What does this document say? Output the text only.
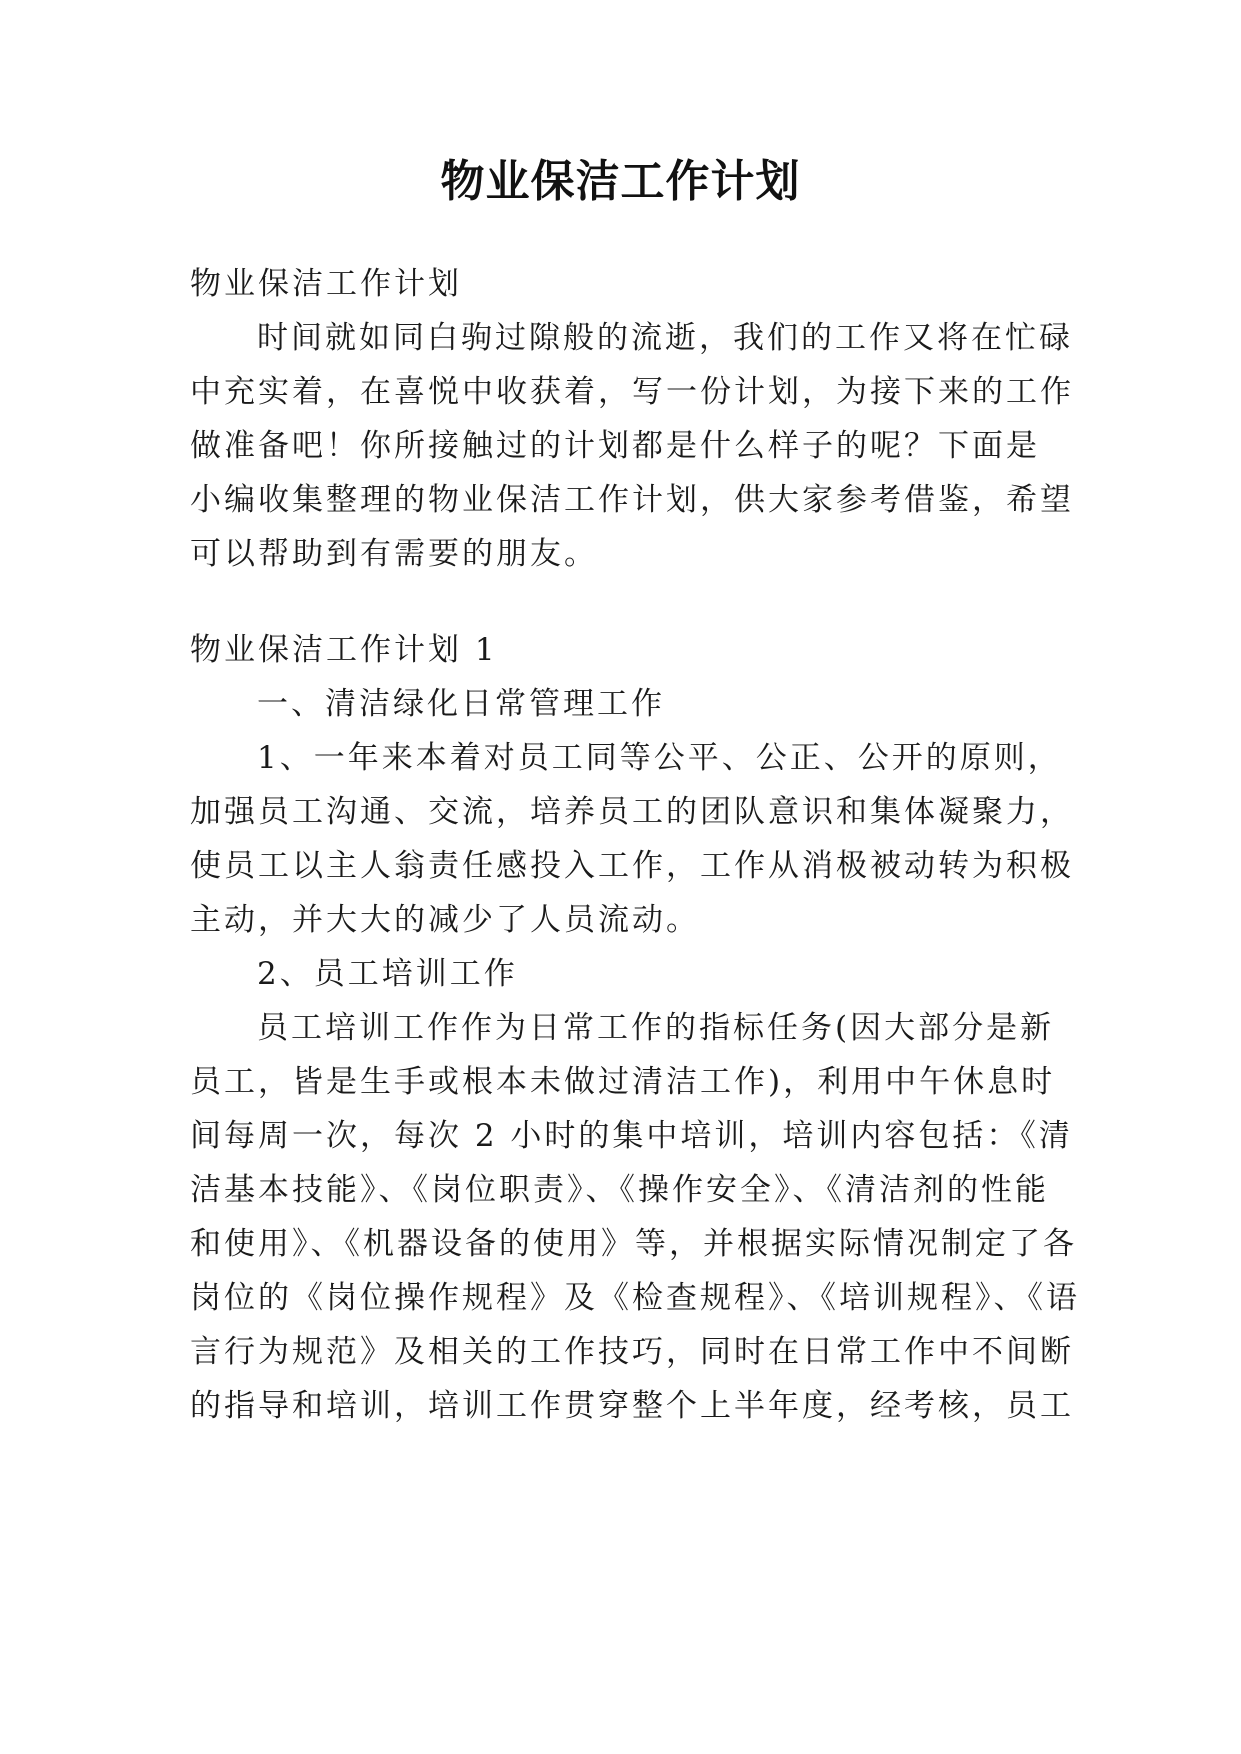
物业保洁工作计划
物业保洁工作计划
时间就如同白驹过隙般的流逝，我们的工作又将在忙碌
中充实着，在喜悦中收获着，写一份计划，为接下来的工作
做准备吧！你所接触过的计划都是什么样子的呢？下面是
小编收集整理的物业保洁工作计划，供大家参考借鉴，希望
可以帮助到有需要的朋友。
物业保洁工作计划 1
一、清洁绿化日常管理工作
1、一年来本着对员工同等公平、公正、公开的原则，
加强员工沟通、交流，培养员工的团队意识和集体凝聚力，
使员工以主人翁责任感投入工作，工作从消极被动转为积极
主动，并大大的减少了人员流动。
2、员工培训工作
员工培训工作作为日常工作的指标任务(因大部分是新
员工，皆是生手或根本未做过清洁工作)，利用中午休息时
间每周一次，每次 2 小时的集中培训，培训内容包括：《清
洁基本技能》、《岗位职责》、《操作安全》、《清洁剂的性能
和使用》、《机器设备的使用》等，并根据实际情况制定了各
岗位的《岗位操作规程》及《检查规程》、《培训规程》、《语
言行为规范》及相关的工作技巧，同时在日常工作中不间断
的指导和培训，培训工作贯穿整个上半年度，经考核，员工
